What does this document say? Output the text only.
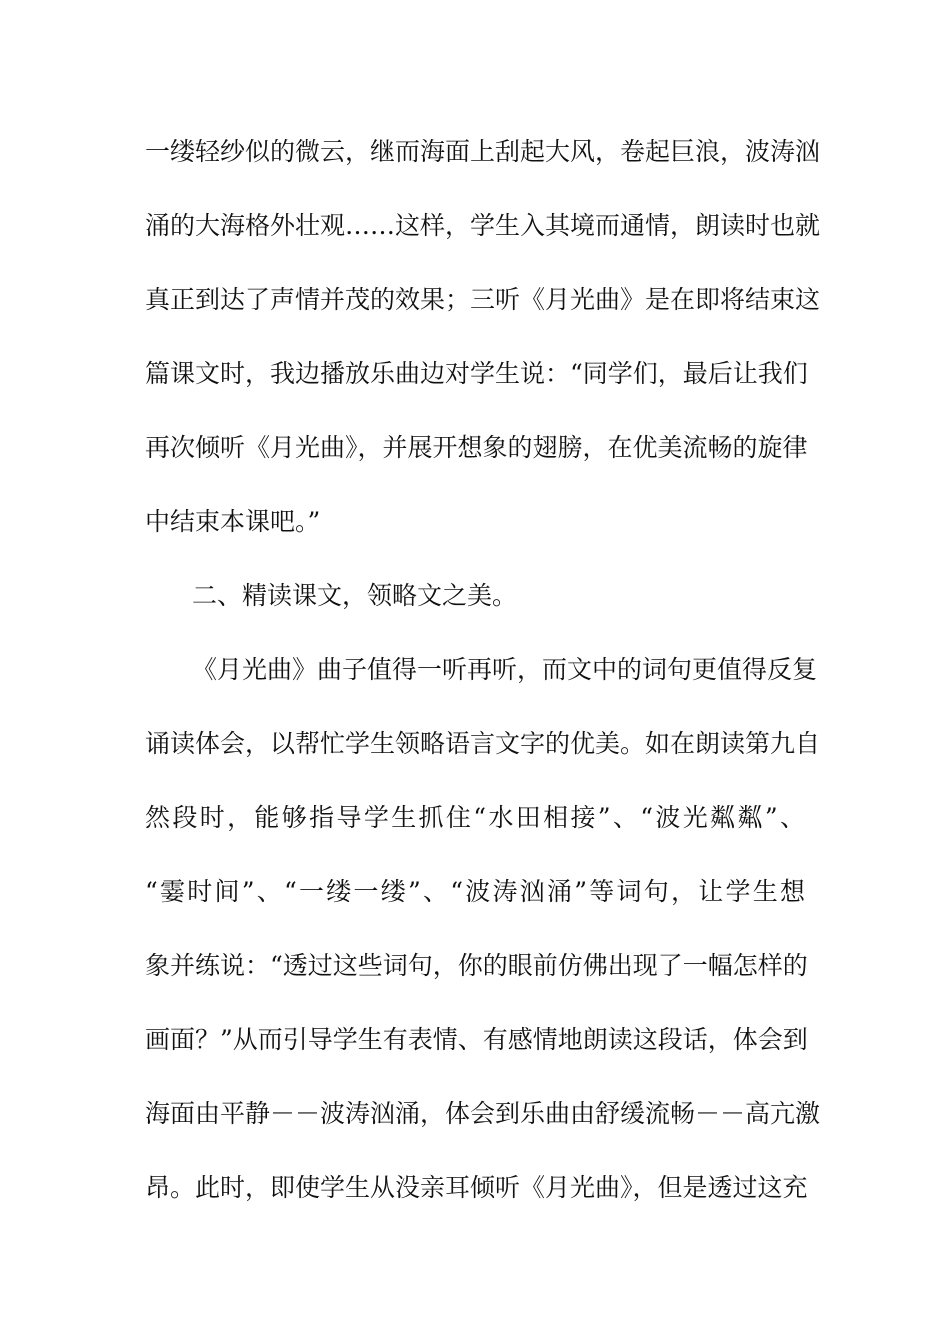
一缕轻纱似的微云，继而海面上刮起大风，卷起巨浪，波涛汹
涌的大海格外壮观……这样，学生入其境而通情，朗读时也就
真正到达了声情并茂的效果；三听《月光曲》是在即将结束这
篇课文时，我边播放乐曲边对学生说：“同学们，最后让我们
再次倾听《月光曲》，并展开想象的翅膀，在优美流畅的旋律
中结束本课吧。”
二、精读课文，领略文之美。
《月光曲》曲子值得一听再听，而文中的词句更值得反复
诵读体会，以帮忙学生领略语言文字的优美。如在朗读第九自
然段时，能够指导学生抓住“水田相接”、“波光粼粼”、
“霎时间”、“一缕一缕”、“波涛汹涌”等词句，让学生想
象并练说：“透过这些词句，你的眼前仿佛出现了一幅怎样的
画面？”从而引导学生有表情、有感情地朗读这段话，体会到
海面由平静－－波涛汹涌，体会到乐曲由舒缓流畅－－高亢激
昂。此时，即使学生从没亲耳倾听《月光曲》，但是透过这充
